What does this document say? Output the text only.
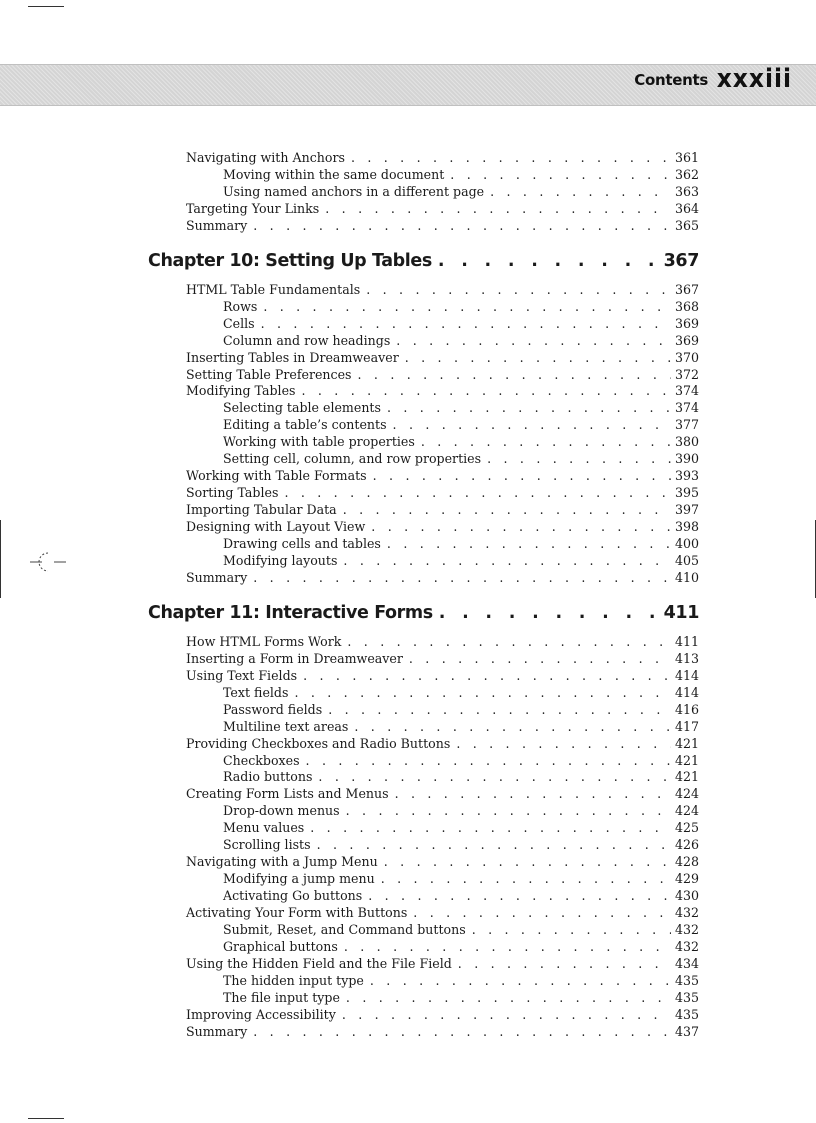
Contents xxxiii
Navigating with Anchors . . .	361
Moving within the same document . . .	362
Using named anchors in a different page . . .	363
Targeting Your Links . . .	364
Summary . . .	365
Chapter 10: Setting Up Tables . . .	367
HTML Table Fundamentals . . .	367
Rows . . .	368
Cells . . .	369
Column and row headings . . .	369
Inserting Tables in Dreamweaver . . .	370
Setting Table Preferences . . .	372
Modifying Tables . . .	374
Selecting table elements . . .	374
Editing a table’s contents . . .	377
Working with table properties . . .	380
Setting cell, column, and row properties . . .	390
Working with Table Formats . . .	393
Sorting Tables . . .	395
Importing Tabular Data . . .	397
Designing with Layout View . . .	398
Drawing cells and tables . . .	400
Modifying layouts . . .	405
Summary . . .	410
Chapter 11: Interactive Forms . . .	411
How HTML Forms Work . . .	411
Inserting a Form in Dreamweaver . . .	413
Using Text Fields . . .	414
Text fields . . .	414
Password fields . . .	416
Multiline text areas . . .	417
Providing Checkboxes and Radio Buttons . . .	421
Checkboxes . . .	421
Radio buttons . . .	421
Creating Form Lists and Menus . . .	424
Drop-down menus . . .	424
Menu values . . .	425
Scrolling lists . . .	426
Navigating with a Jump Menu . . .	428
Modifying a jump menu . . .	429
Activating Go buttons . . .	430
Activating Your Form with Buttons . . .	432
Submit, Reset, and Command buttons . . .	432
Graphical buttons . . .	432
Using the Hidden Field and the File Field . . .	434
The hidden input type . . .	435
The file input type . . .	435
Improving Accessibility . . .	435
Summary . . .	437
